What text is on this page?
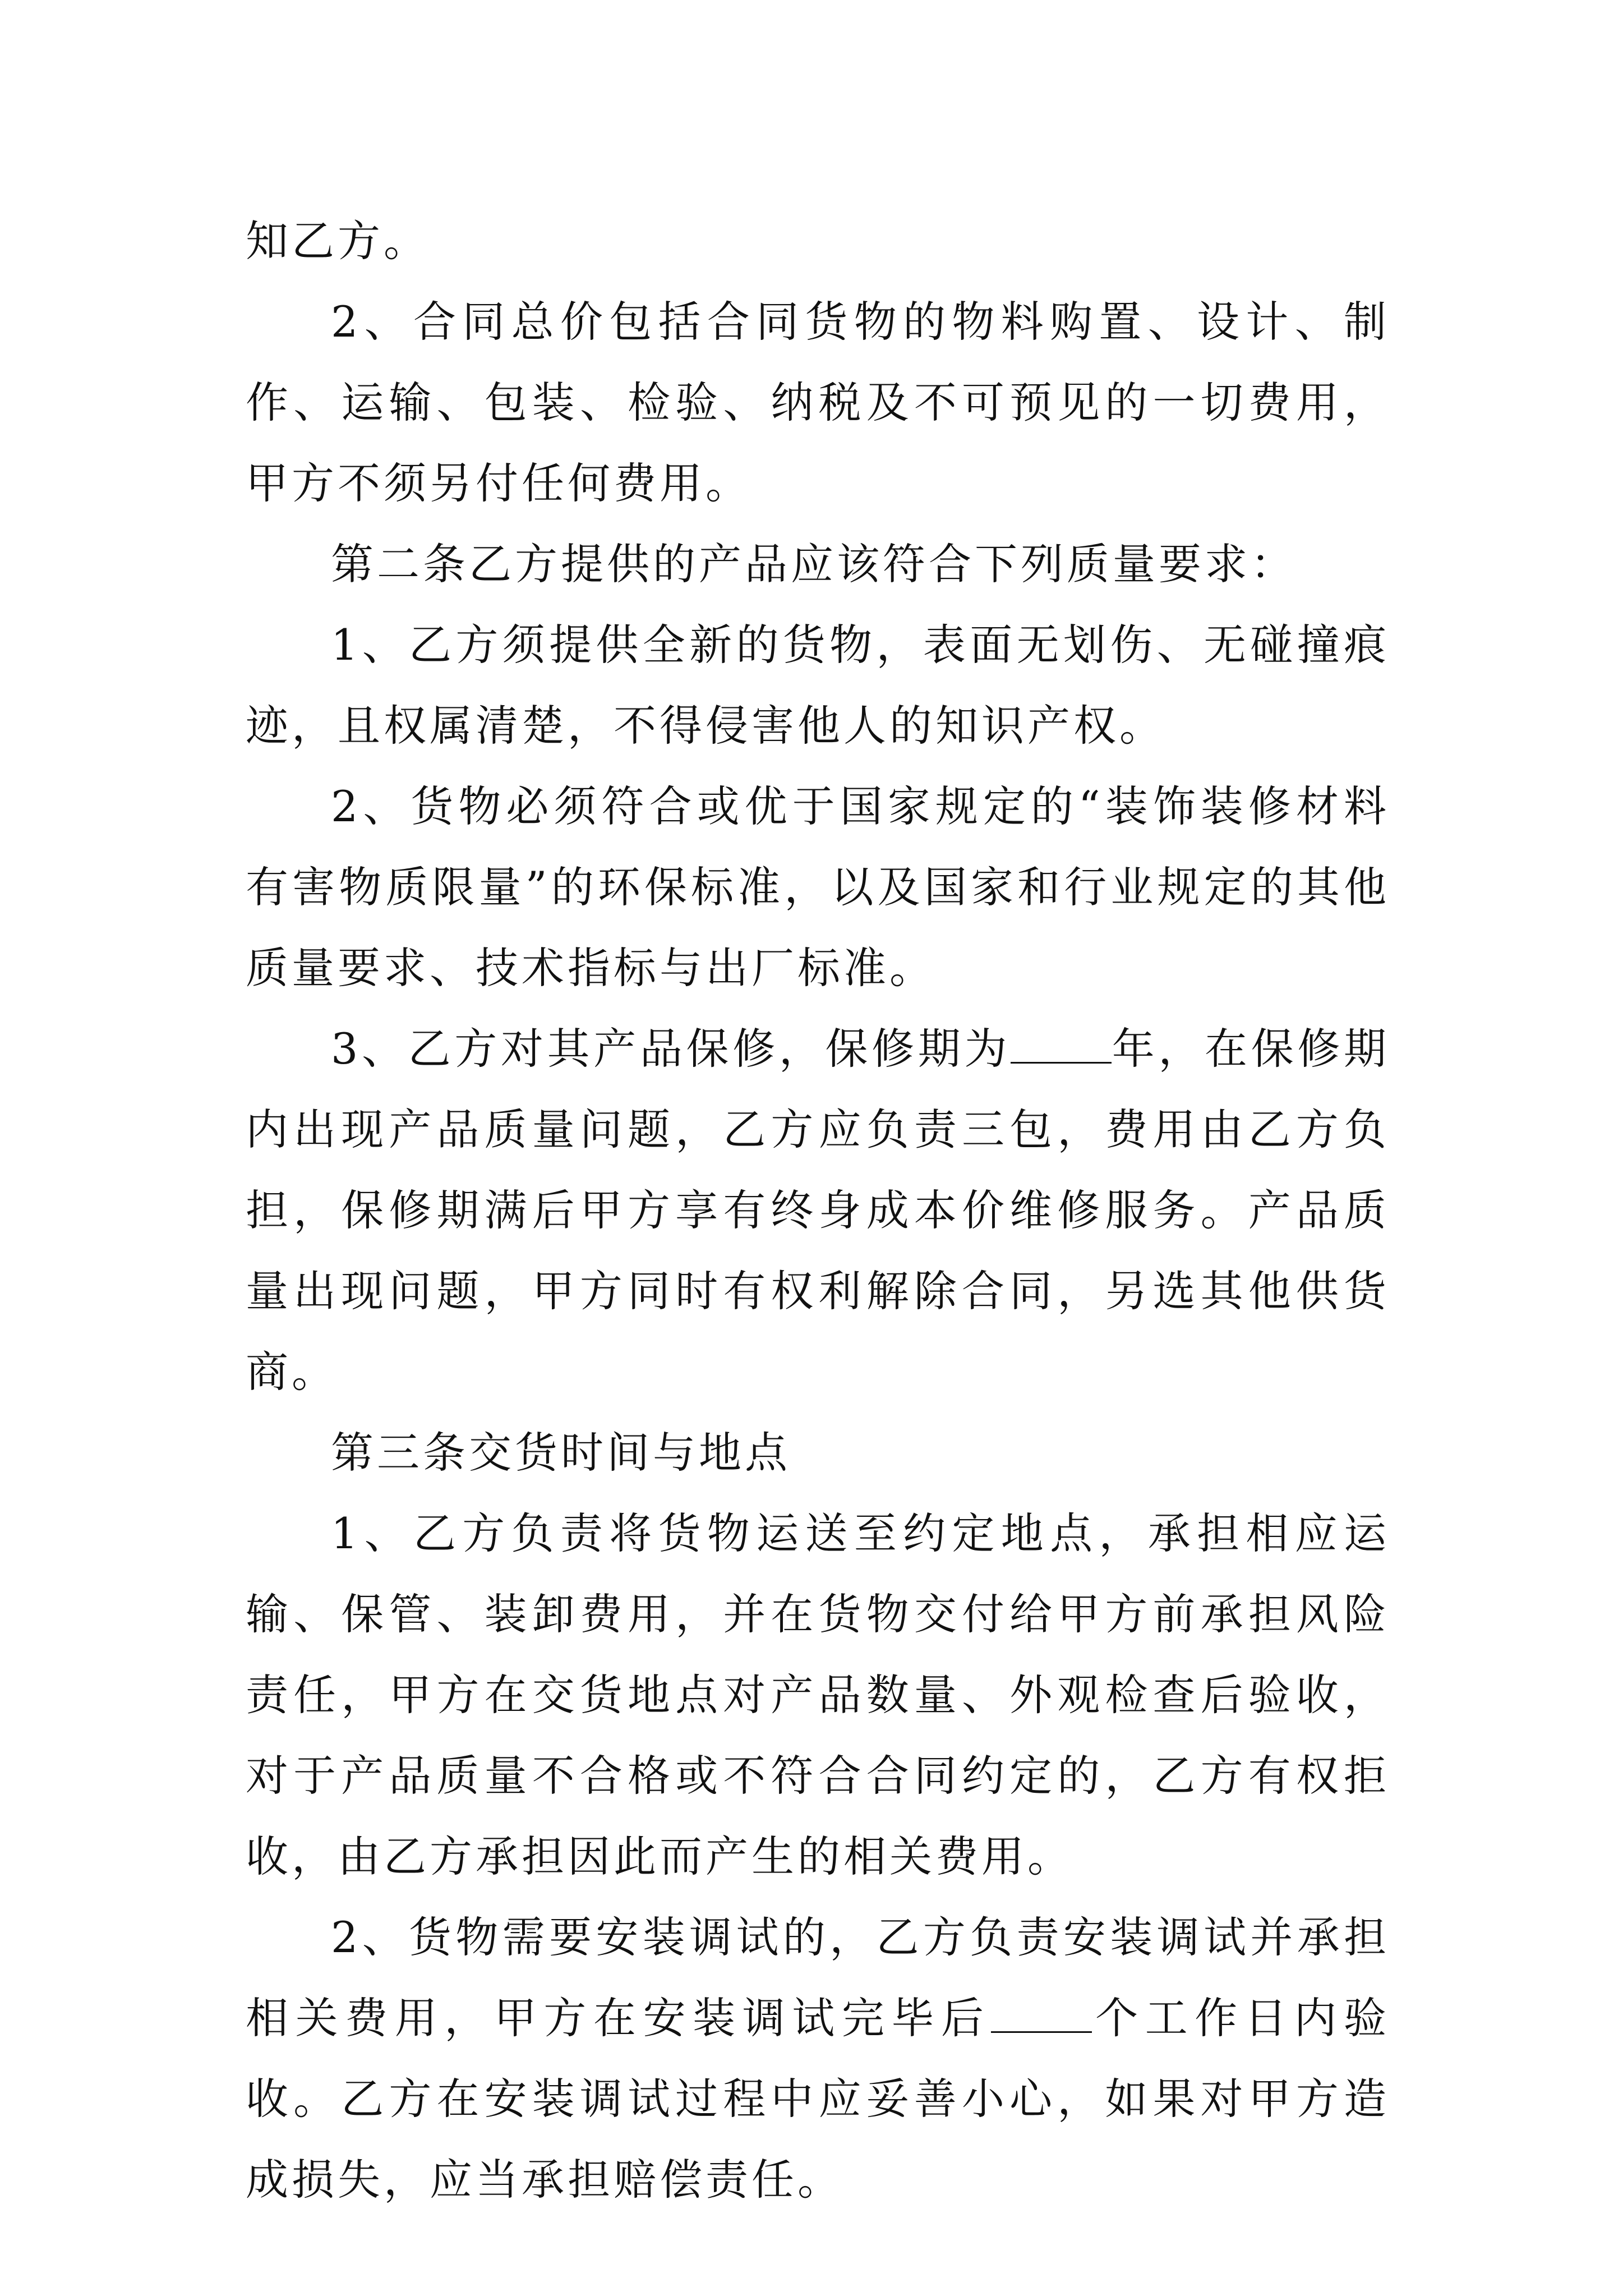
知乙方。

2、合同总价包括合同货物的物料购置、设计、制作、运输、包装、检验、纳税及不可预见的一切费用，甲方不须另付任何费用。

第二条乙方提供的产品应该符合下列质量要求：

1、乙方须提供全新的货物，表面无划伤、无碰撞痕迹，且权属清楚，不得侵害他人的知识产权。

2、货物必须符合或优于国家规定的“装饰装修材料有害物质限量”的环保标准，以及国家和行业规定的其他质量要求、技术指标与出厂标准。

3、乙方对其产品保修，保修期为 年，在保修期内出现产品质量问题，乙方应负责三包，费用由乙方负担，保修期满后甲方享有终身成本价维修服务。产品质量出现问题，甲方同时有权利解除合同，另选其他供货商。

第三条交货时间与地点

1、乙方负责将货物运送至约定地点，承担相应运输、保管、装卸费用，并在货物交付给甲方前承担风险责任，甲方在交货地点对产品数量、外观检查后验收，对于产品质量不合格或不符合合同约定的，乙方有权拒收，由乙方承担因此而产生的相关费用。

2、货物需要安装调试的，乙方负责安装调试并承担相关费用，甲方在安装调试完毕后 个工作日内验收。乙方在安装调试过程中应妥善小心，如果对甲方造成损失，应当承担赔偿责任。
